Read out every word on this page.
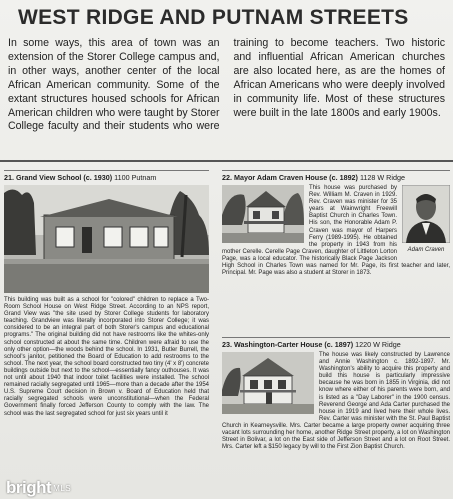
WEST RIDGE AND PUTNAM STREETS
In some ways, this area of town was an extension of the Storer College campus and, in other ways, another center of the local African American community. Some of the extant structures housed schools for African American children who were taught by Storer College faculty and their students who were training to become teachers. Two historic and influential African American churches are also located here, as are the homes of African Americans who were deeply involved in community life. Most of these structures were built in the late 1800s and early 1900s.
21. Grand View School (c. 1930) 1100 Putnam

This building was built as a school for "colored" children to replace a Two-Room School House on West Ridge Street. According to an NPS report, Grand View was "the site used by Storer College students for laboratory teaching. Grandview was literally incorporated into Storer College; it was considered to be an integral part of both Storer's campus and educational programs." The original building did not have restrooms like the whites-only school constructed at about the same time. Children were afraid to use the only other option—the woods behind the school. In 1931, Butler Burrell, the school's janitor, petitioned the Board of Education to add restrooms to the school. The next year, the school board constructed two tiny (4' x 8') concrete buildings outside but next to the school—essentially fancy outhouses. It was not until about 1940 that indoor toilet facilities were installed. The school remained racially segregated until 1965—more than a decade after the 1954 U.S. Supreme Court decision in Brown v. Board of Education held that racially segregated schools were unconstitutional—when the Federal Government finally forced Jefferson County to comply with the law. The school was the last segregated school for just six years until it

22. Mayor Adam Craven House (c. 1892) 1128 W Ridge
Adam Craven

This house was purchased by Rev. William M. Craven in 1929. Rev. Craven was minister for 35 years at Wainwright Freewill Baptist Church in Charles Town. His son, the Honorable Adam P. Craven was mayor of Harpers Ferry (1989-1995). He obtained the property in 1943 from his mother Cerelle. Cerelle Page Craven, daughter of Littleton Lorton Page, was a local educator. The historically Black Page Jackson High School in Charles Town was named for Mr. Page, its first teacher and later, Principal. Mr. Page was also a student at Storer in 1873.

23. Washington-Carter House (c. 1897) 1220 W Ridge

The house was likely constructed by Lawrence and Annie Washington c. 1892-1897. Mr. Washington's ability to acquire this property and build this house is particularly impressive because he was born in 1855 in Virginia, did not know where either of his parents were born, and is listed as a "Day Laborer" in the 1900 census. Reverend George and Ada Carter purchased the house in 1919 and lived here their whole lives. Rev. Carter was minister with the St. Paul Baptist Church in Kearneysville. Mrs. Carter became a large property owner acquiring three vacant lots surrounding her home, another Ridge Street property, a lot on Washington Street in Bolivar, a lot on the East side of Jefferson Street and a lot on Root Street. Mrs. Carter left a $150 legacy by will to the First Zion Baptist Church.

bright MLS
